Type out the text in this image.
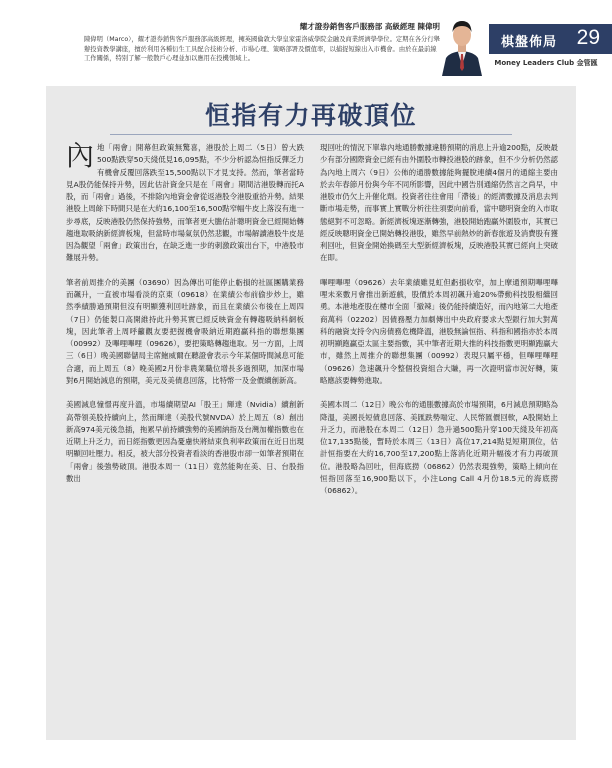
耀才證券銷售客戶服務部 高級經理 陳偉明
陳偉明（Marco），耀才證券銷售客戶服務部高級經理，擁英國倫敦大學皇家霍洛威學院金融及商業經濟學學位。定期在各分行舉辦投資教學講座，擅於利用各種衍生工具配合技術分析、市場心理、策略部署及價值率，以捕捉短線出入市機會。由於在最前線工作關係，特別了解一般散戶心理並加以應用在投機領域上。
棋盤佈局 29
Money Leaders Club 金管匯
恒指有力再破頂位

內地「兩會」開幕但政策無驚喜，港股於上周二（5日）曾大跌500點跌穿50天綫低見16,095點，不少分析認為恒指反彈乏力有機會反覆回落跌至15,500點以下才見支持。然而，筆者當時見A股仍能保持升勢，因此估計資金只是在「兩會」期間沽港股轉而托A股，而「兩會」過後，不排除內地資金會從返港股令港股重拾升勢。結果港股上周餘下時間只是在大約16,100至16,500點窄幅牛皮上落沒有進一步尋底，反映港股仍然保持強勢，而筆者更大膽估計聰明資金已經開始轉趨進取吸納新經濟板塊，但當時市場氣氛仍然悲觀，市場解讀港股牛皮是因為觀望「兩會」政策出台，在缺乏進一步的刺激政策出台下，中港股市難展升勢。

筆者前周推介的美團（03690）因為傳出可能停止虧損的社區團購業務而飆升，一直被市場看淡的京東（09618）在業績公布前偷步炒上，雖然季績勝過預期但沒有明顯獲利回吐跡象，而且在業績公布後在上周四（7日）仍能製口高開維持此升勢其實已經反映資金有轉趨吸納科網板塊，因此筆者上周呼籲觀友要把握機會吸納近期跑贏科指的聯想集團（00992）及嗶哩嗶哩（09626），要把策略轉趨進取。另一方面，上周三（6日）晚美國聯儲局主席鮑威爾在聽證會表示今年某個時間減息可能合適，而上周五（8）晚美國2月份非農業職位增長多過預期，加深市場對6月開始減息的預期，美元及美債息回落，比特幣一及金價續創新高。

美國減息憧憬再度升溫，市場續期望AI「股王」輝達（Nvidia）續創新高帶領美股持續向上，然而輝達（美股代號NVDA）於上周五（8）創出新高974美元後急插，拖累早前持續強勢的美國納指及台灣加權指數也在近期上升乏力，而日經指數更因為憂慮快將結束負利率政策而在近日出現明顯回吐壓力。相反，被大部分投資者看淡的香港股市卻一如筆者預期在「兩會」後強勢破頂。港股本周一（11日）竟然能夠在美、日、台股指數出

現回吐的情況下單靠內地通勝數據違勝預期的消息上升逾200點，反映最少有部分國際資金已經有由外圍股市轉投港股的跡象，但不少分析仍然認為內地上周六（9日）公佈的通勝數據能夠擺脫連續4個月的通縮主要由於去年春節月份與今年不同所影響，因此中國告別通縮仍然言之尚早，中港股市仍欠上升催化劑。投資者往往會用「滯後」的經濟數據及消息去判斷市場走勢，而事實上實戰分析往往須要向前看，當中聰明資金的入市取態絕對不可忽略。新經濟板塊逐漸轉強，港股開始跑贏外圍股市，其實已經反映聰明資金已開始轉投港股，雖然早前熱炒的新春旅遊及消費股有獲利回吐，但資金開始換碼至大型新經濟板塊，反映港股其實已經向上突破在即。

嗶哩嗶哩（09626）去年業績雖見虹但虧損收窄，加上摩通預期嗶哩嗶哩未來數月會推出新遊戲，股價於本周初飆升逾20%帶動科技股相繼回勇。本港地產股在樓市全面「撤辣」後仍能持續造好，而內地第二大地產商萬科（02202）因債務壓力加劇傳出中央政府要求大型銀行加大對萬科的融資支持令內房債務危機降溫，港股無論恒指、科指和國指亦於本周初明顯跑贏亞太區主要指數，其中筆者近期大推的科技指數更明顯跑贏大市，雖然上周推介的聯想集團（00992）表現只屬平穩，但嗶哩嗶哩（09626）急速飆升令整個投資組合大賺，再一次證明當市況好轉，策略應該要轉勢進取。

美國本周二（12日）晚公布的通脹數據高於市場預期，6月減息預期略為降溫，美國長短債息回落、美匯跌勢喘定、人民幣匯價回軟，A股開始上升乏力，而港股在本周二（12日）急升過500點升穿100天綫及年初高位17,135點後，暫時於本周三（13日）高位17,214點見短期頂位，估計恒指要在大約16,700至17,200點上落消化近期升幅後才有力再破頂位。港股略為回吐，但海底撈（06862）仍然表現強勢，策略上傾向在恒指回落至16,900點以下，小注Long Call 4月份18.5元的海底撈（06862）。
